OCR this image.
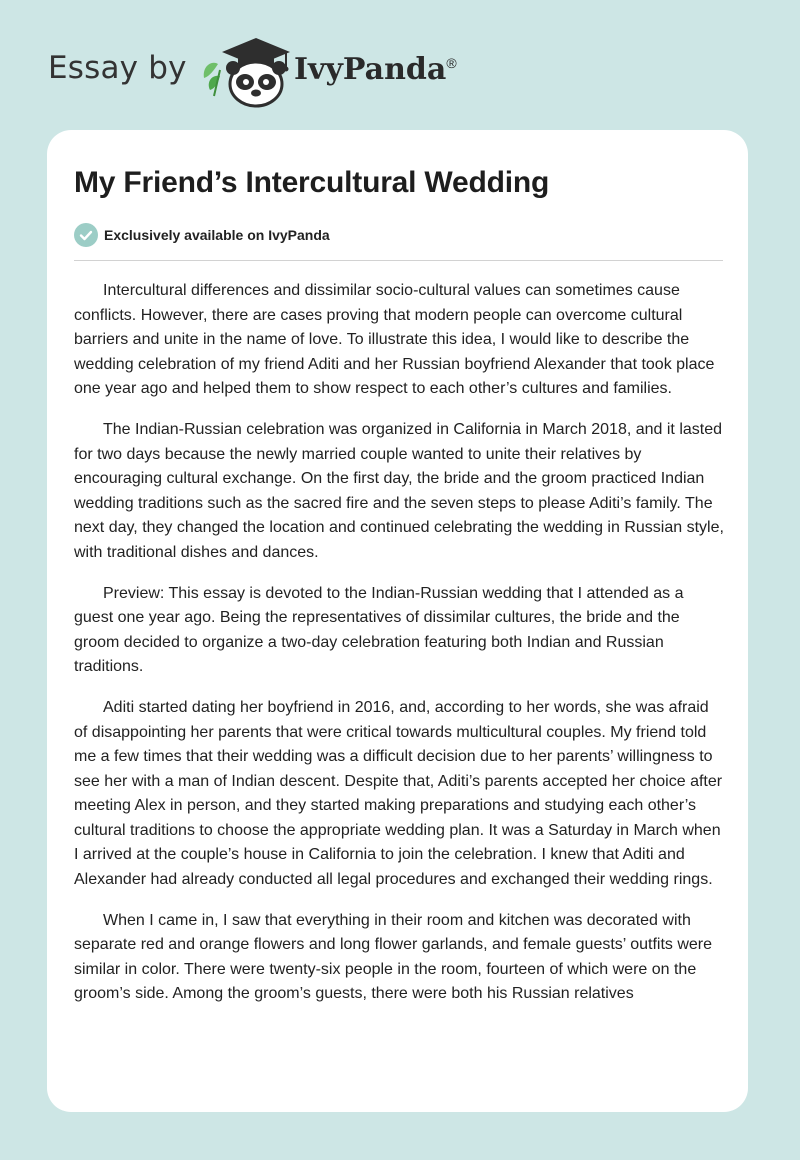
Essay by	IvyPanda®
My Friend’s Intercultural Wedding
Exclusively available on IvyPanda

Intercultural differences and dissimilar socio-cultural values can sometimes cause conflicts. However, there are cases proving that modern people can overcome cultural barriers and unite in the name of love. To illustrate this idea, I would like to describe the wedding celebration of my friend Aditi and her Russian boyfriend Alexander that took place one year ago and helped them to show respect to each other’s cultures and families.

The Indian-Russian celebration was organized in California in March 2018, and it lasted for two days because the newly married couple wanted to unite their relatives by encouraging cultural exchange. On the first day, the bride and the groom practiced Indian wedding traditions such as the sacred fire and the seven steps to please Aditi’s family. The next day, they changed the location and continued celebrating the wedding in Russian style, with traditional dishes and dances.

Preview: This essay is devoted to the Indian-Russian wedding that I attended as a guest one year ago. Being the representatives of dissimilar cultures, the bride and the groom decided to organize a two-day celebration featuring both Indian and Russian traditions.

Aditi started dating her boyfriend in 2016, and, according to her words, she was afraid of disappointing her parents that were critical towards multicultural couples. My friend told me a few times that their wedding was a difficult decision due to her parents’ willingness to see her with a man of Indian descent. Despite that, Aditi’s parents accepted her choice after meeting Alex in person, and they started making preparations and studying each other’s cultural traditions to choose the appropriate wedding plan. It was a Saturday in March when I arrived at the couple’s house in California to join the celebration. I knew that Aditi and Alexander had already conducted all legal procedures and exchanged their wedding rings.

When I came in, I saw that everything in their room and kitchen was decorated with separate red and orange flowers and long flower garlands, and female guests’ outfits were similar in color. There were twenty-six people in the room, fourteen of which were on the groom’s side. Among the groom’s guests, there were both his Russian relatives
